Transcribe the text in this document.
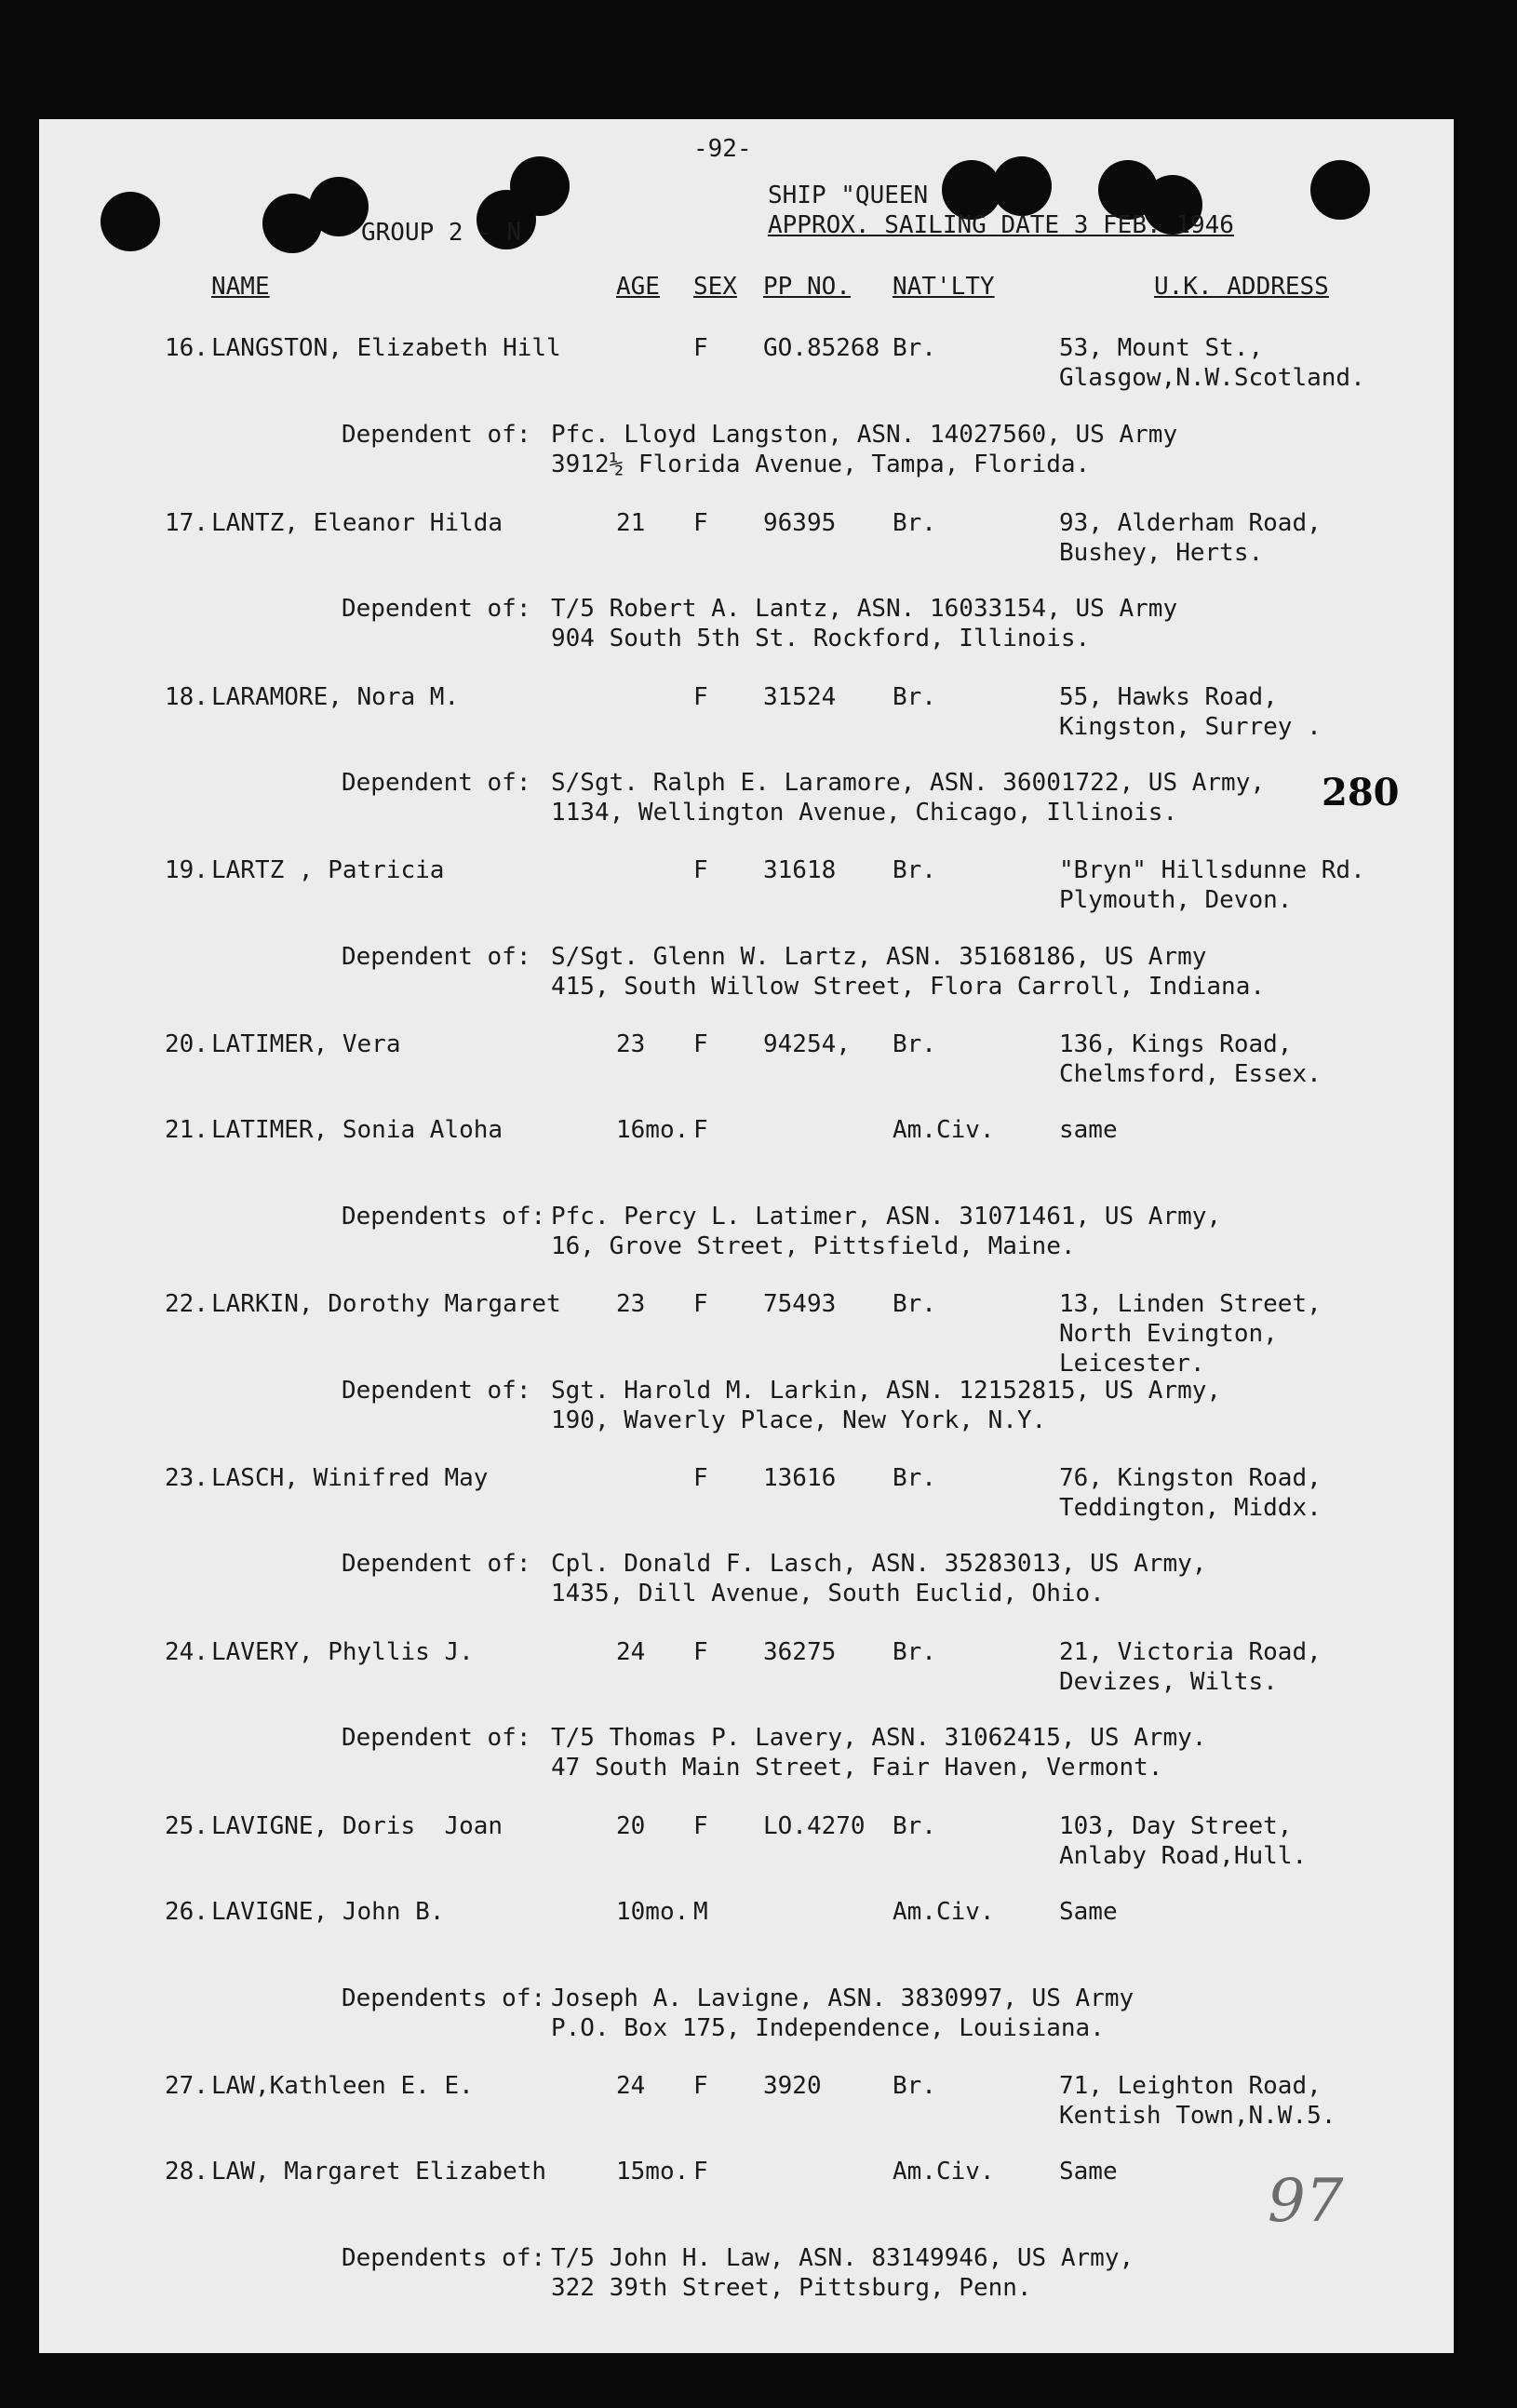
-92-
GROUP 2 - N
SHIP "QUEEN
APPROX. SAILING DATE 3 FEB. 1946
NAME	AGE SEX PP NO. NAT'LTY	U.K. ADDRESS
16. LANGSTON, Elizabeth Hill	F GO.85268 Br.	53, Mount St.,
Glasgow,N.W.Scotland.
Dependent of: Pfc. Lloyd Langston, ASN. 14027560, US Army
3912½ Florida Avenue, Tampa, Florida.
17. LANTZ, Eleanor Hilda	21 F 96395 Br.	93, Alderham Road,
Bushey, Herts.
Dependent of: T/5 Robert A. Lantz, ASN. 16033154, US Army
904 South 5th St. Rockford, Illinois.
18. LARAMORE, Nora M.	F 31524 Br.	55, Hawks Road,
Kingston, Surrey .
Dependent of: S/Sgt. Ralph E. Laramore, ASN. 36001722, US Army,
1134, Wellington Avenue, Chicago, Illinois.
19. LARTZ , Patricia	F 31618 Br.	"Bryn" Hillsdunne Rd.
Plymouth, Devon.
Dependent of: S/Sgt. Glenn W. Lartz, ASN. 35168186, US Army
415, South Willow Street, Flora Carroll, Indiana.
20. LATIMER, Vera	23 F 94254, Br.	136, Kings Road,
Chelmsford, Essex.
21. LATIMER, Sonia Aloha	16mo. F	Am.Civ.	same
Dependents of: Pfc. Percy L. Latimer, ASN. 31071461, US Army,
16, Grove Street, Pittsfield, Maine.
22. LARKIN, Dorothy Margaret 23 F 75493 Br.	13, Linden Street,
North Evington,
Leicester.
Dependent of: Sgt. Harold M. Larkin, ASN. 12152815, US Army,
190, Waverly Place, New York, N.Y.
23. LASCH, Winifred May	F 13616 Br.	76, Kingston Road,
Teddington, Middx.
Dependent of: Cpl. Donald F. Lasch, ASN. 35283013, US Army,
1435, Dill Avenue, South Euclid, Ohio.
24. LAVERY, Phyllis J.	24 F 36275 Br.	21, Victoria Road,
Devizes, Wilts.
Dependent of: T/5 Thomas P. Lavery, ASN. 31062415, US Army.
47 South Main Street, Fair Haven, Vermont.
25. LAVIGNE, Doris  Joan	20 F LO.4270 Br.	103, Day Street,
Anlaby Road,Hull.
26. LAVIGNE, John B.	10mo. M	Am.Civ.	Same
Dependents of: Joseph A. Lavigne, ASN. 3830997, US Army
P.O. Box 175, Independence, Louisiana.
27. LAW,Kathleen E. E.	24 F 3920	Br.	71, Leighton Road,
Kentish Town,N.W.5.
28. LAW, Margaret Elizabeth	15mo. F	Am.Civ.	Same
Dependents of: T/5 John H. Law, ASN. 83149946, US Army,
322 39th Street, Pittsburg, Penn.
280
97
